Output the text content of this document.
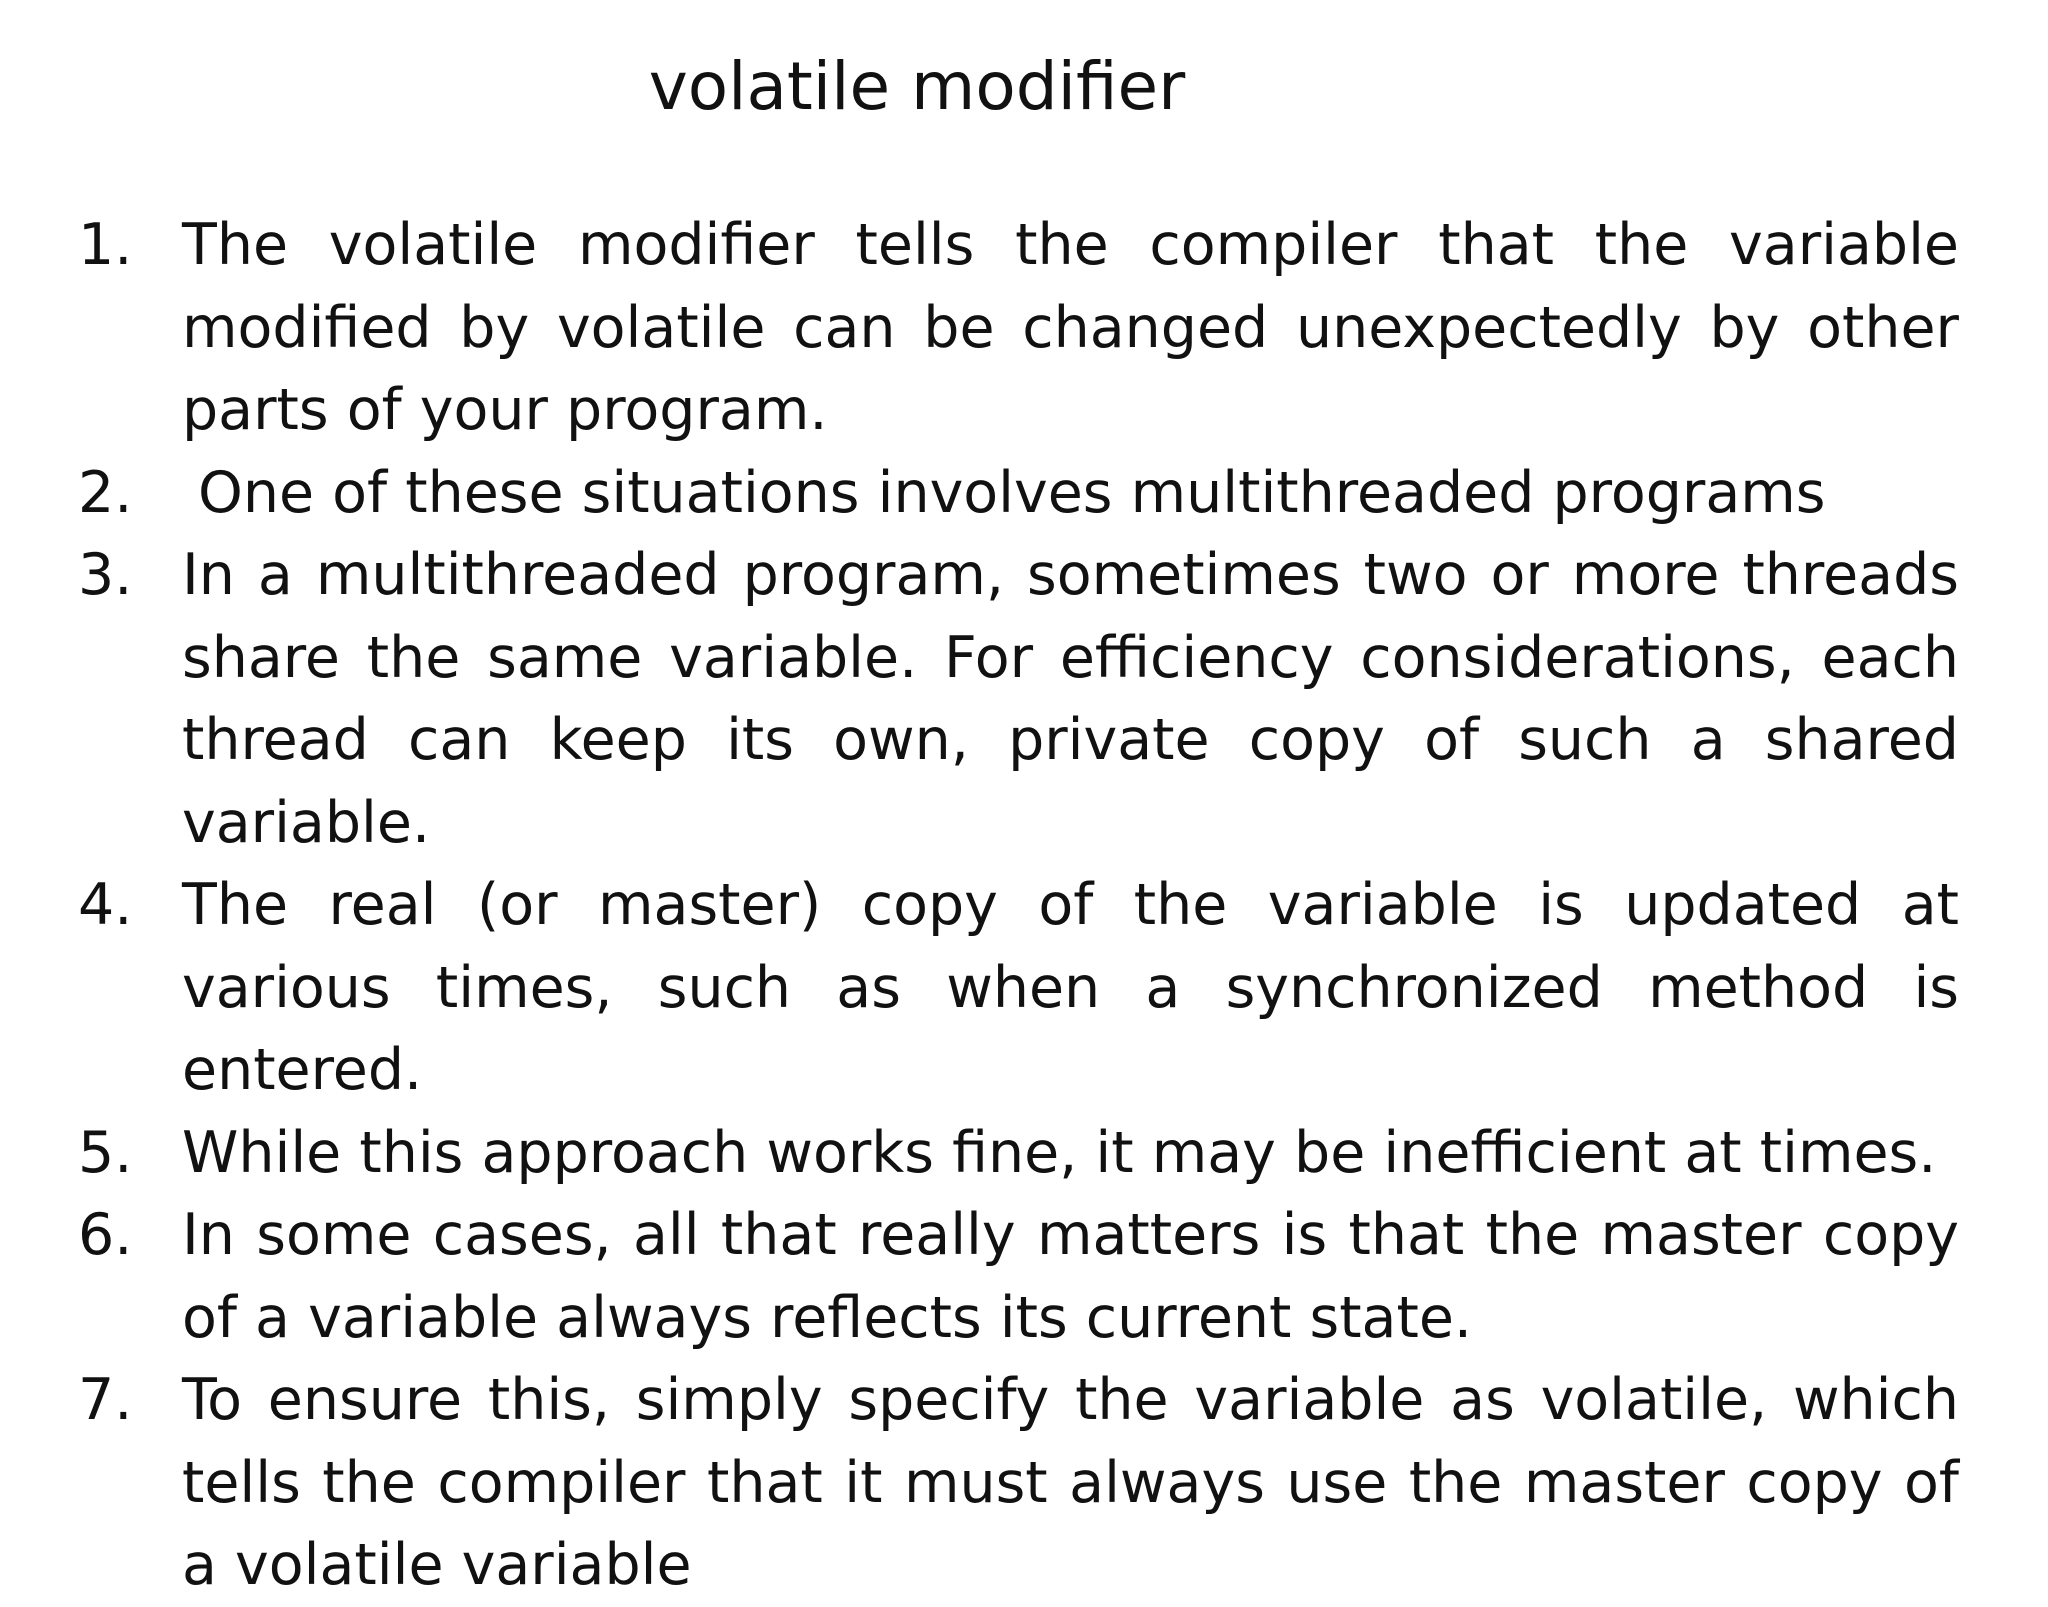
volatile modifier
1. The volatile modifier tells the compiler that the variable modified by volatile can be changed unexpectedly by other parts of your program.
2. One of these situations involves multithreaded programs
3. In a multithreaded program, sometimes two or more threads share the same variable. For efficiency considerations, each thread can keep its own, private copy of such a shared variable.
4. The real (or master) copy of the variable is updated at various times, such as when a synchronized method is entered.
5. While this approach works fine, it may be inefficient at times.
6. In some cases, all that really matters is that the master copy of a variable always reflects its current state.
7. To ensure this, simply specify the variable as volatile, which tells the compiler that it must always use the master copy of a volatile variable
